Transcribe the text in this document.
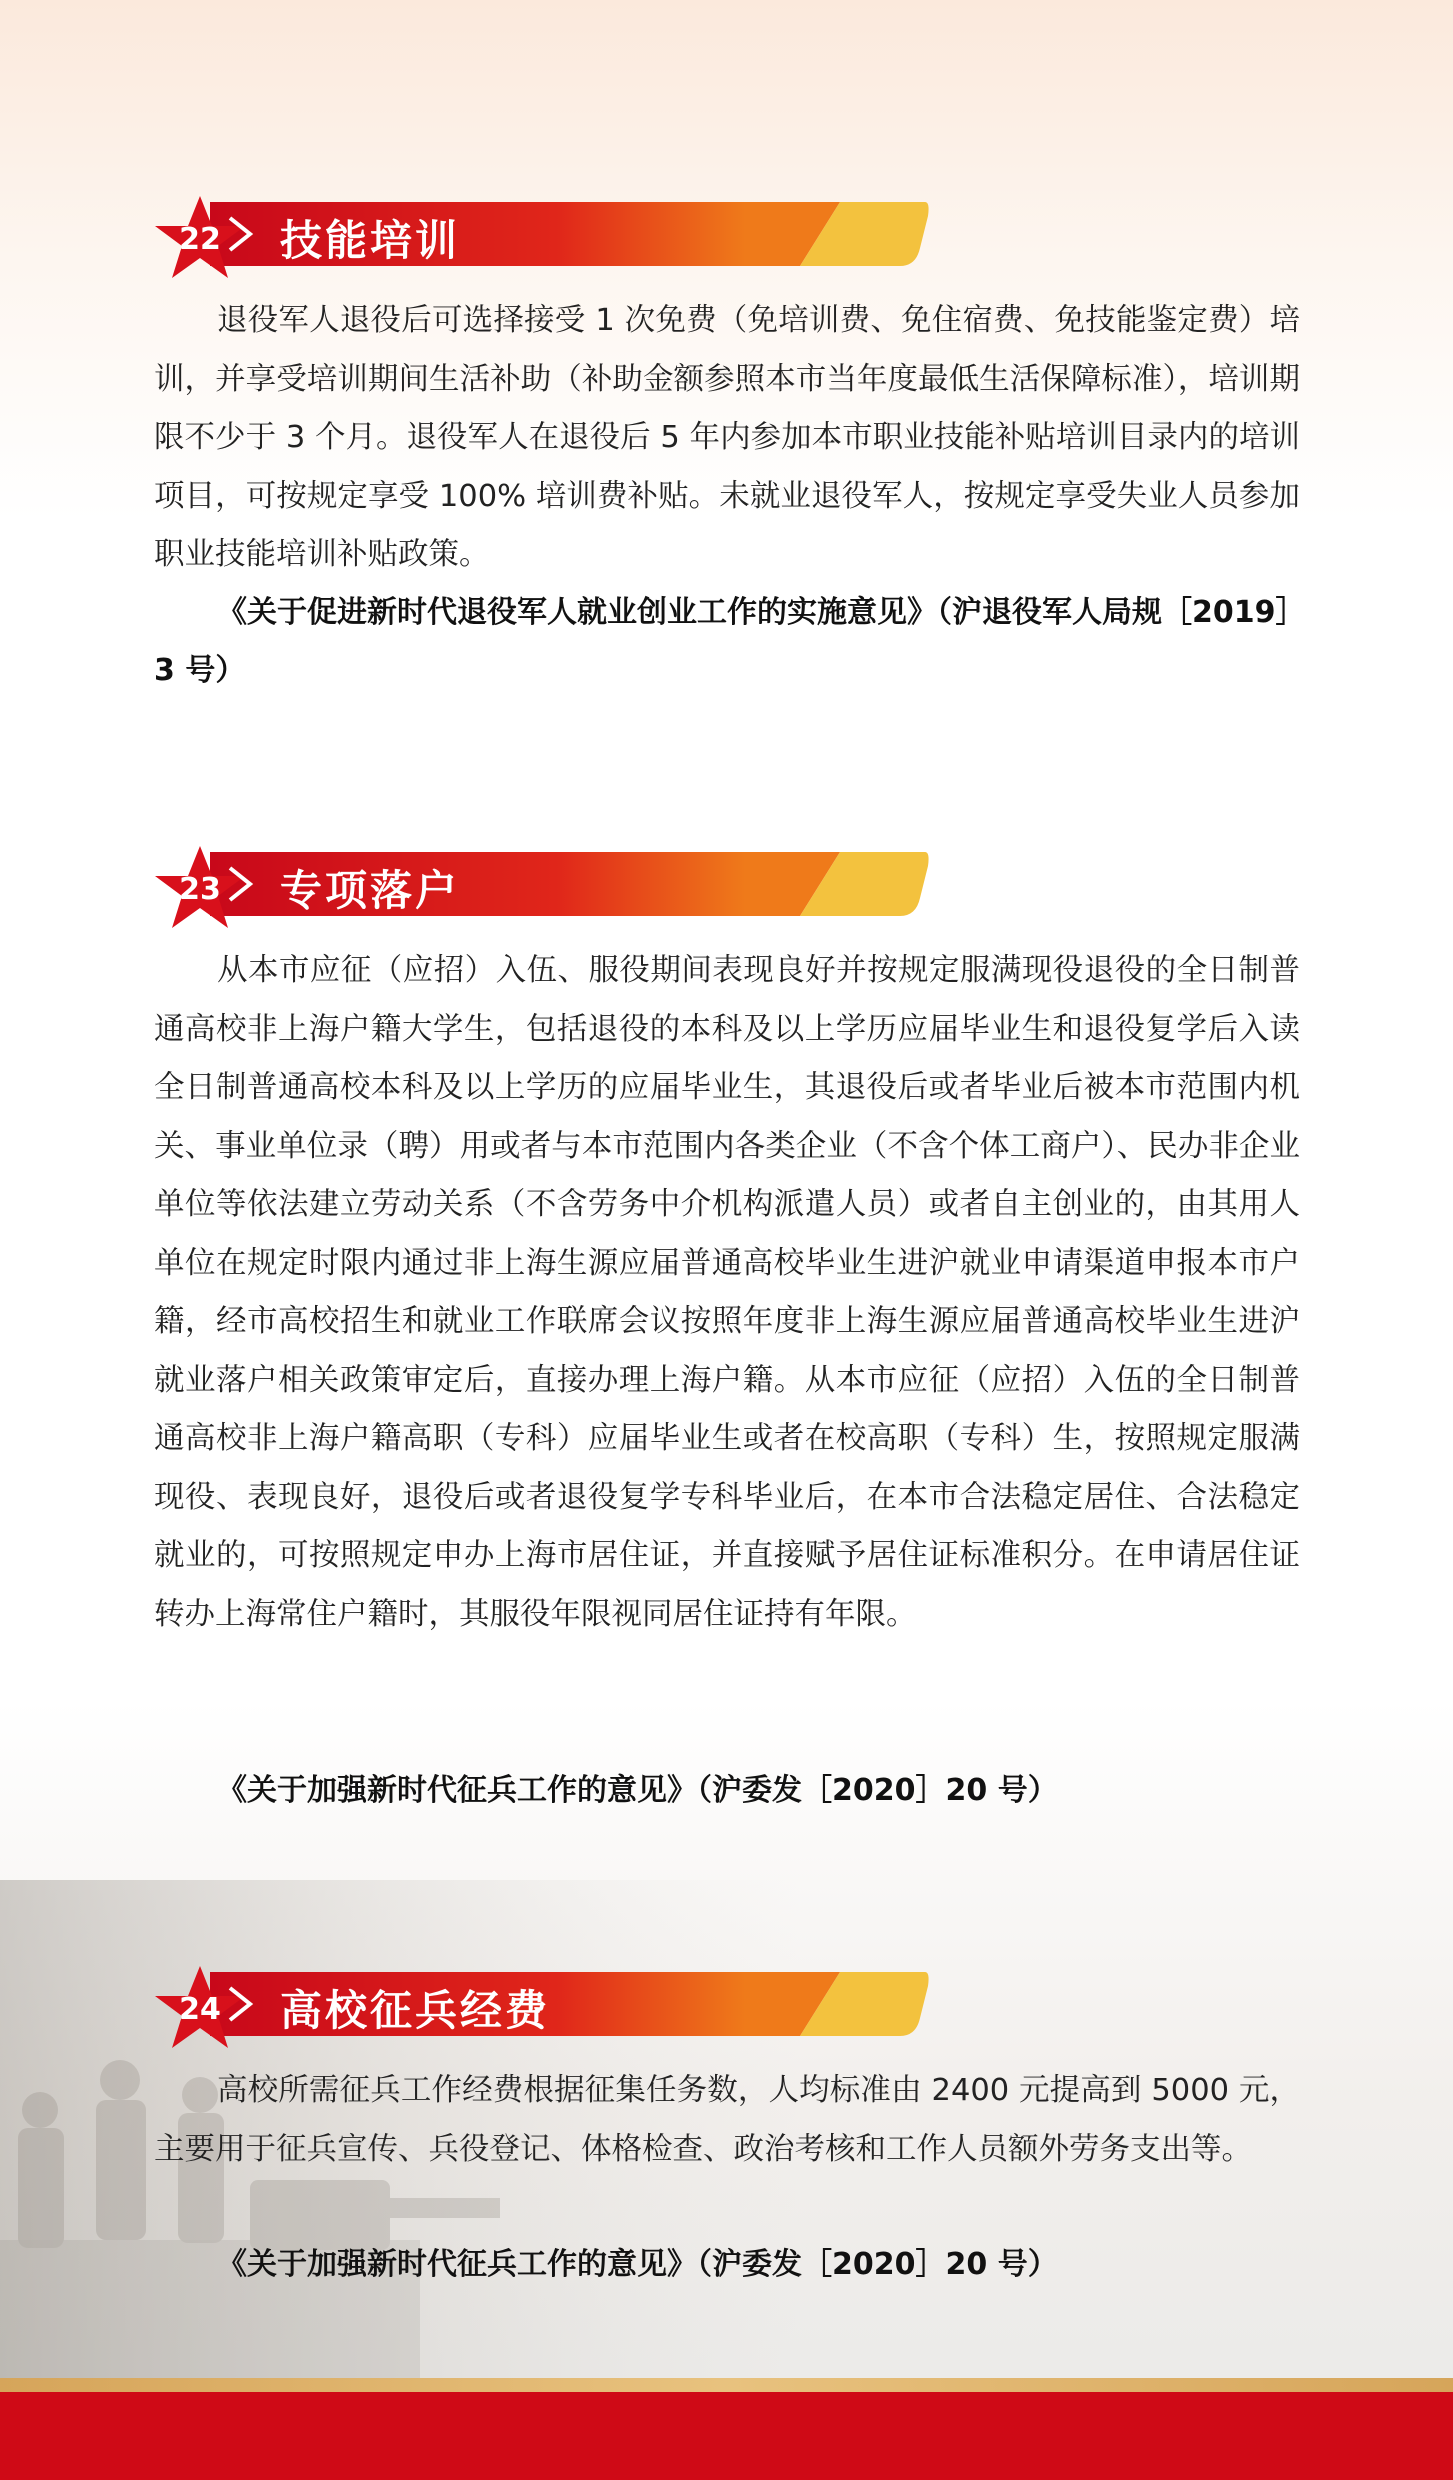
22 技能培训

退役军人退役后可选择接受 1 次免费（免培训费、免住宿费、免技能鉴定费）培训，并享受培训期间生活补助（补助金额参照本市当年度最低生活保障标准），培训期限不少于 3 个月。退役军人在退役后 5 年内参加本市职业技能补贴培训目录内的培训项目，可按规定享受 100% 培训费补贴。未就业退役军人，按规定享受失业人员参加职业技能培训补贴政策。

《关于促进新时代退役军人就业创业工作的实施意见》（沪退役军人局规［2019］3 号）

23 专项落户

从本市应征（应招）入伍、服役期间表现良好并按规定服满现役退役的全日制普通高校非上海户籍大学生，包括退役的本科及以上学历应届毕业生和退役复学后入读全日制普通高校本科及以上学历的应届毕业生，其退役后或者毕业后被本市范围内机关、事业单位录（聘）用或者与本市范围内各类企业（不含个体工商户）、民办非企业单位等依法建立劳动关系（不含劳务中介机构派遣人员）或者自主创业的，由其用人单位在规定时限内通过非上海生源应届普通高校毕业生进沪就业申请渠道申报本市户籍，经市高校招生和就业工作联席会议按照年度非上海生源应届普通高校毕业生进沪就业落户相关政策审定后，直接办理上海户籍。从本市应征（应招）入伍的全日制普通高校非上海户籍高职（专科）应届毕业生或者在校高职（专科）生，按照规定服满现役、表现良好，退役后或者退役复学专科毕业后，在本市合法稳定居住、合法稳定就业的，可按照规定申办上海市居住证，并直接赋予居住证标准积分。在申请居住证转办上海常住户籍时，其服役年限视同居住证持有年限。

《关于加强新时代征兵工作的意见》（沪委发［2020］20 号）

24 高校征兵经费

高校所需征兵工作经费根据征集任务数，人均标准由 2400 元提高到 5000 元，主要用于征兵宣传、兵役登记、体格检查、政治考核和工作人员额外劳务支出等。

《关于加强新时代征兵工作的意见》（沪委发［2020］20 号）
